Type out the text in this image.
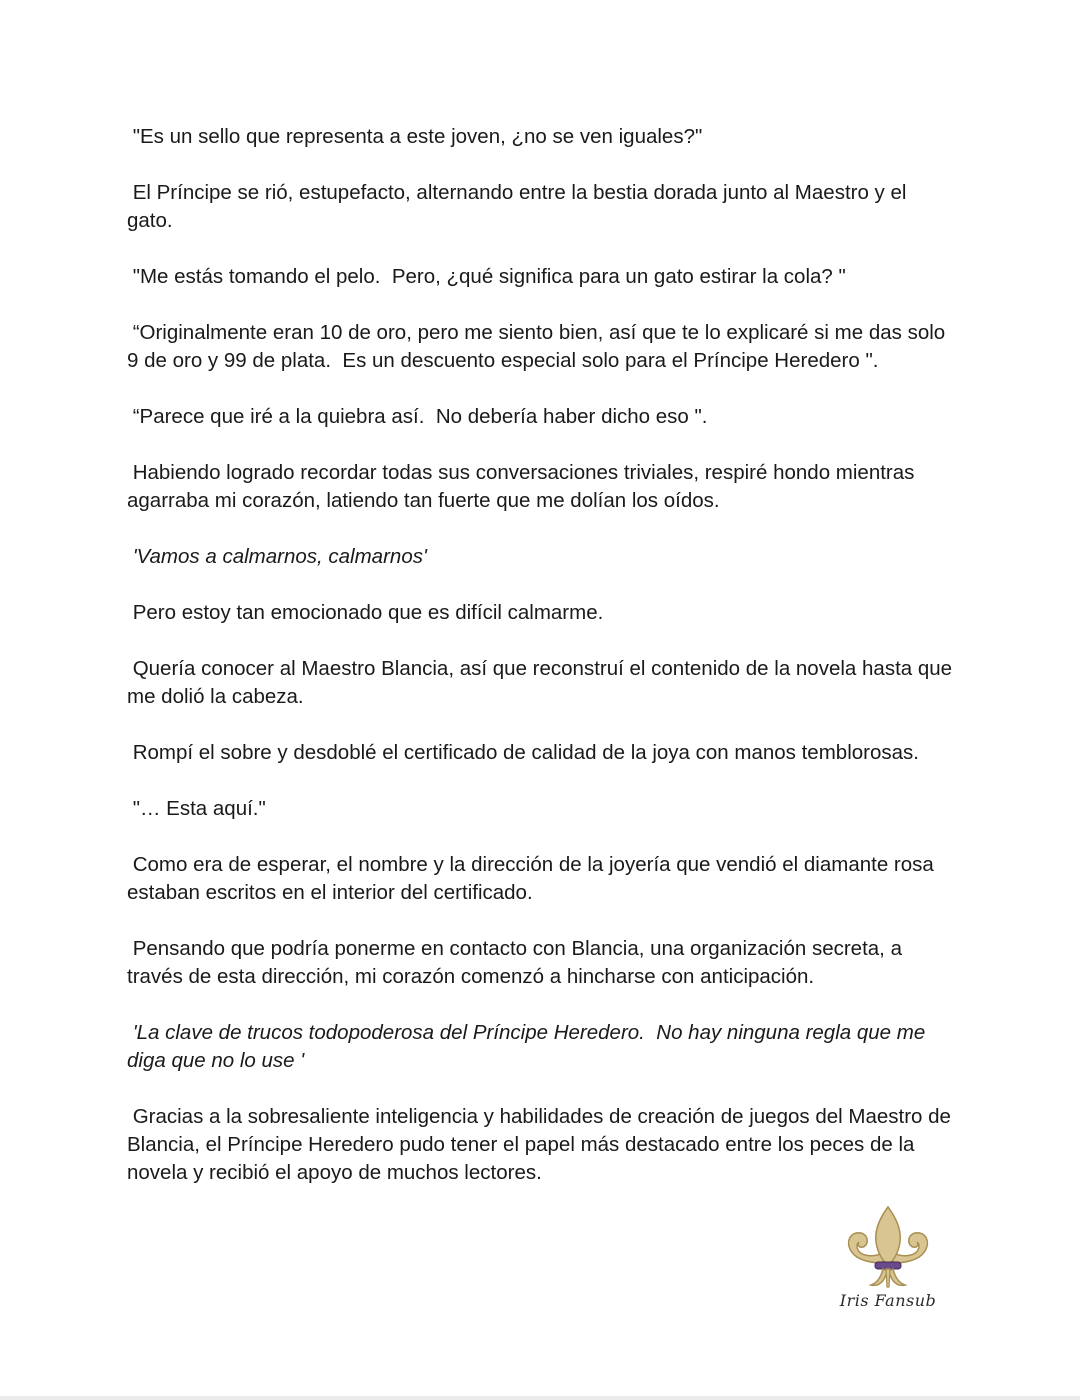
"Es un sello que representa a este joven, ¿no se ven iguales?"

El Príncipe se rió, estupefacto, alternando entre la bestia dorada junto al Maestro y el gato.

"Me estás tomando el pelo.  Pero, ¿qué significa para un gato estirar la cola? "

“Originalmente eran 10 de oro, pero me siento bien, así que te lo explicaré si me das solo 9 de oro y 99 de plata.  Es un descuento especial solo para el Príncipe Heredero ".

“Parece que iré a la quiebra así.  No debería haber dicho eso ".

Habiendo logrado recordar todas sus conversaciones triviales, respiré hondo mientras agarraba mi corazón, latiendo tan fuerte que me dolían los oídos.

'Vamos a calmarnos, calmarnos'

Pero estoy tan emocionado que es difícil calmarme.

Quería conocer al Maestro Blancia, así que reconstruí el contenido de la novela hasta que me dolió la cabeza.

Rompí el sobre y desdoblé el certificado de calidad de la joya con manos temblorosas.

"… Esta aquí."

Como era de esperar, el nombre y la dirección de la joyería que vendió el diamante rosa estaban escritos en el interior del certificado.

Pensando que podría ponerme en contacto con Blancia, una organización secreta, a través de esta dirección, mi corazón comenzó a hincharse con anticipación.

'La clave de trucos todopoderosa del Príncipe Heredero.  No hay ninguna regla que me diga que no lo use '

Gracias a la sobresaliente inteligencia y habilidades de creación de juegos del Maestro de Blancia, el Príncipe Heredero pudo tener el papel más destacado entre los peces de la novela y recibió el apoyo de muchos lectores.

Iris Fansub
